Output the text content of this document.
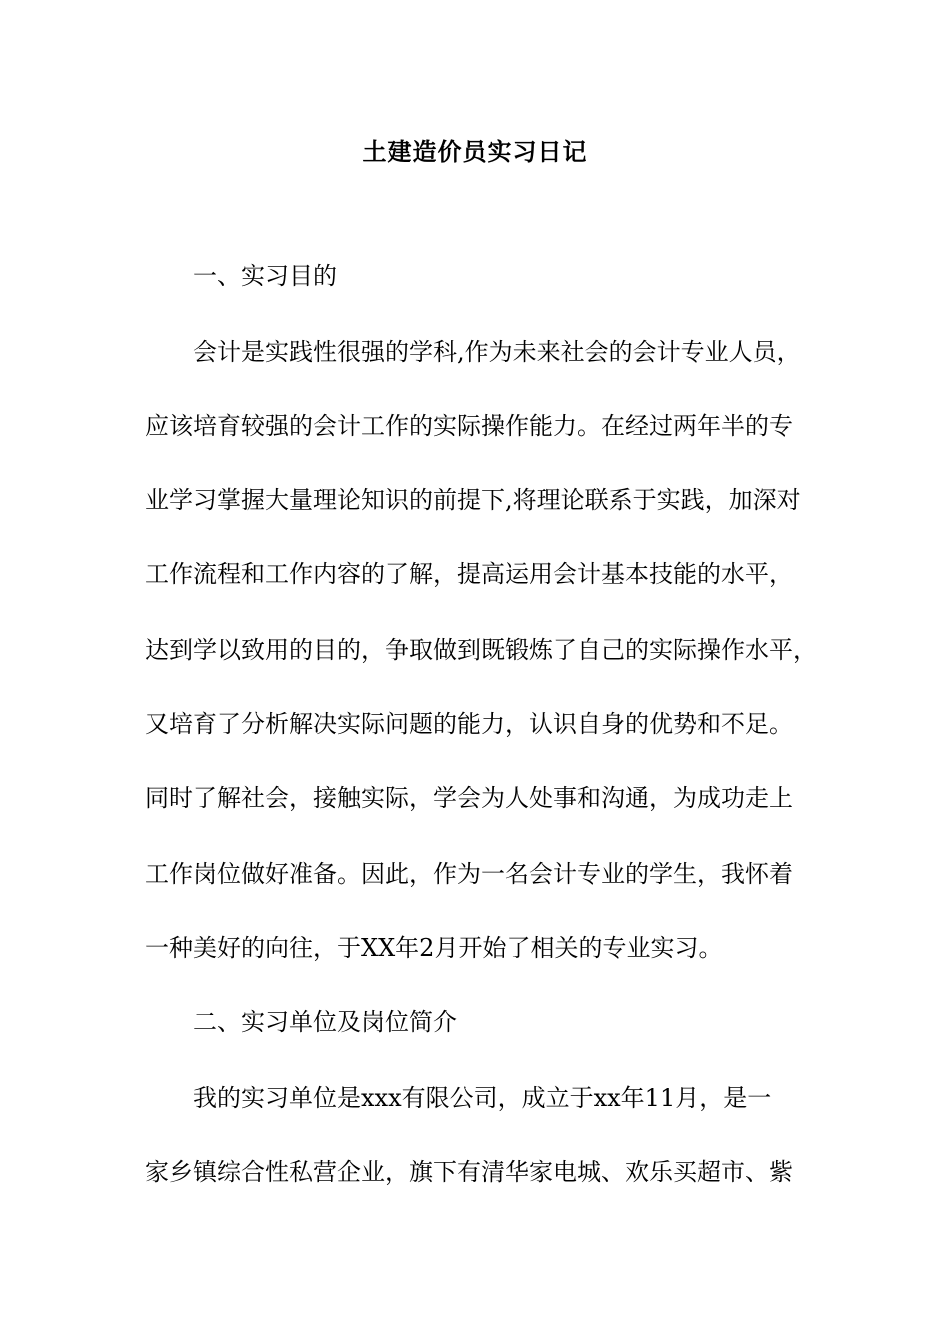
土建造价员实习日记
一、实习目的
会计是实践性很强的学科,作为未来社会的会计专业人员，
应该培育较强的会计工作的实际操作能力。在经过两年半的专
业学习掌握大量理论知识的前提下,将理论联系于实践，加深对
工作流程和工作内容的了解，提高运用会计基本技能的水平，
达到学以致用的目的，争取做到既锻炼了自己的实际操作水平，
又培育了分析解决实际问题的能力，认识自身的优势和不足。
同时了解社会，接触实际，学会为人处事和沟通，为成功走上
工作岗位做好准备。因此，作为一名会计专业的学生，我怀着
一种美好的向往，于XX年2月开始了相关的专业实习。
二、实习单位及岗位简介
我的实习单位是xxx有限公司，成立于xx年11月，是一
家乡镇综合性私营企业，旗下有清华家电城、欢乐买超市、紫
